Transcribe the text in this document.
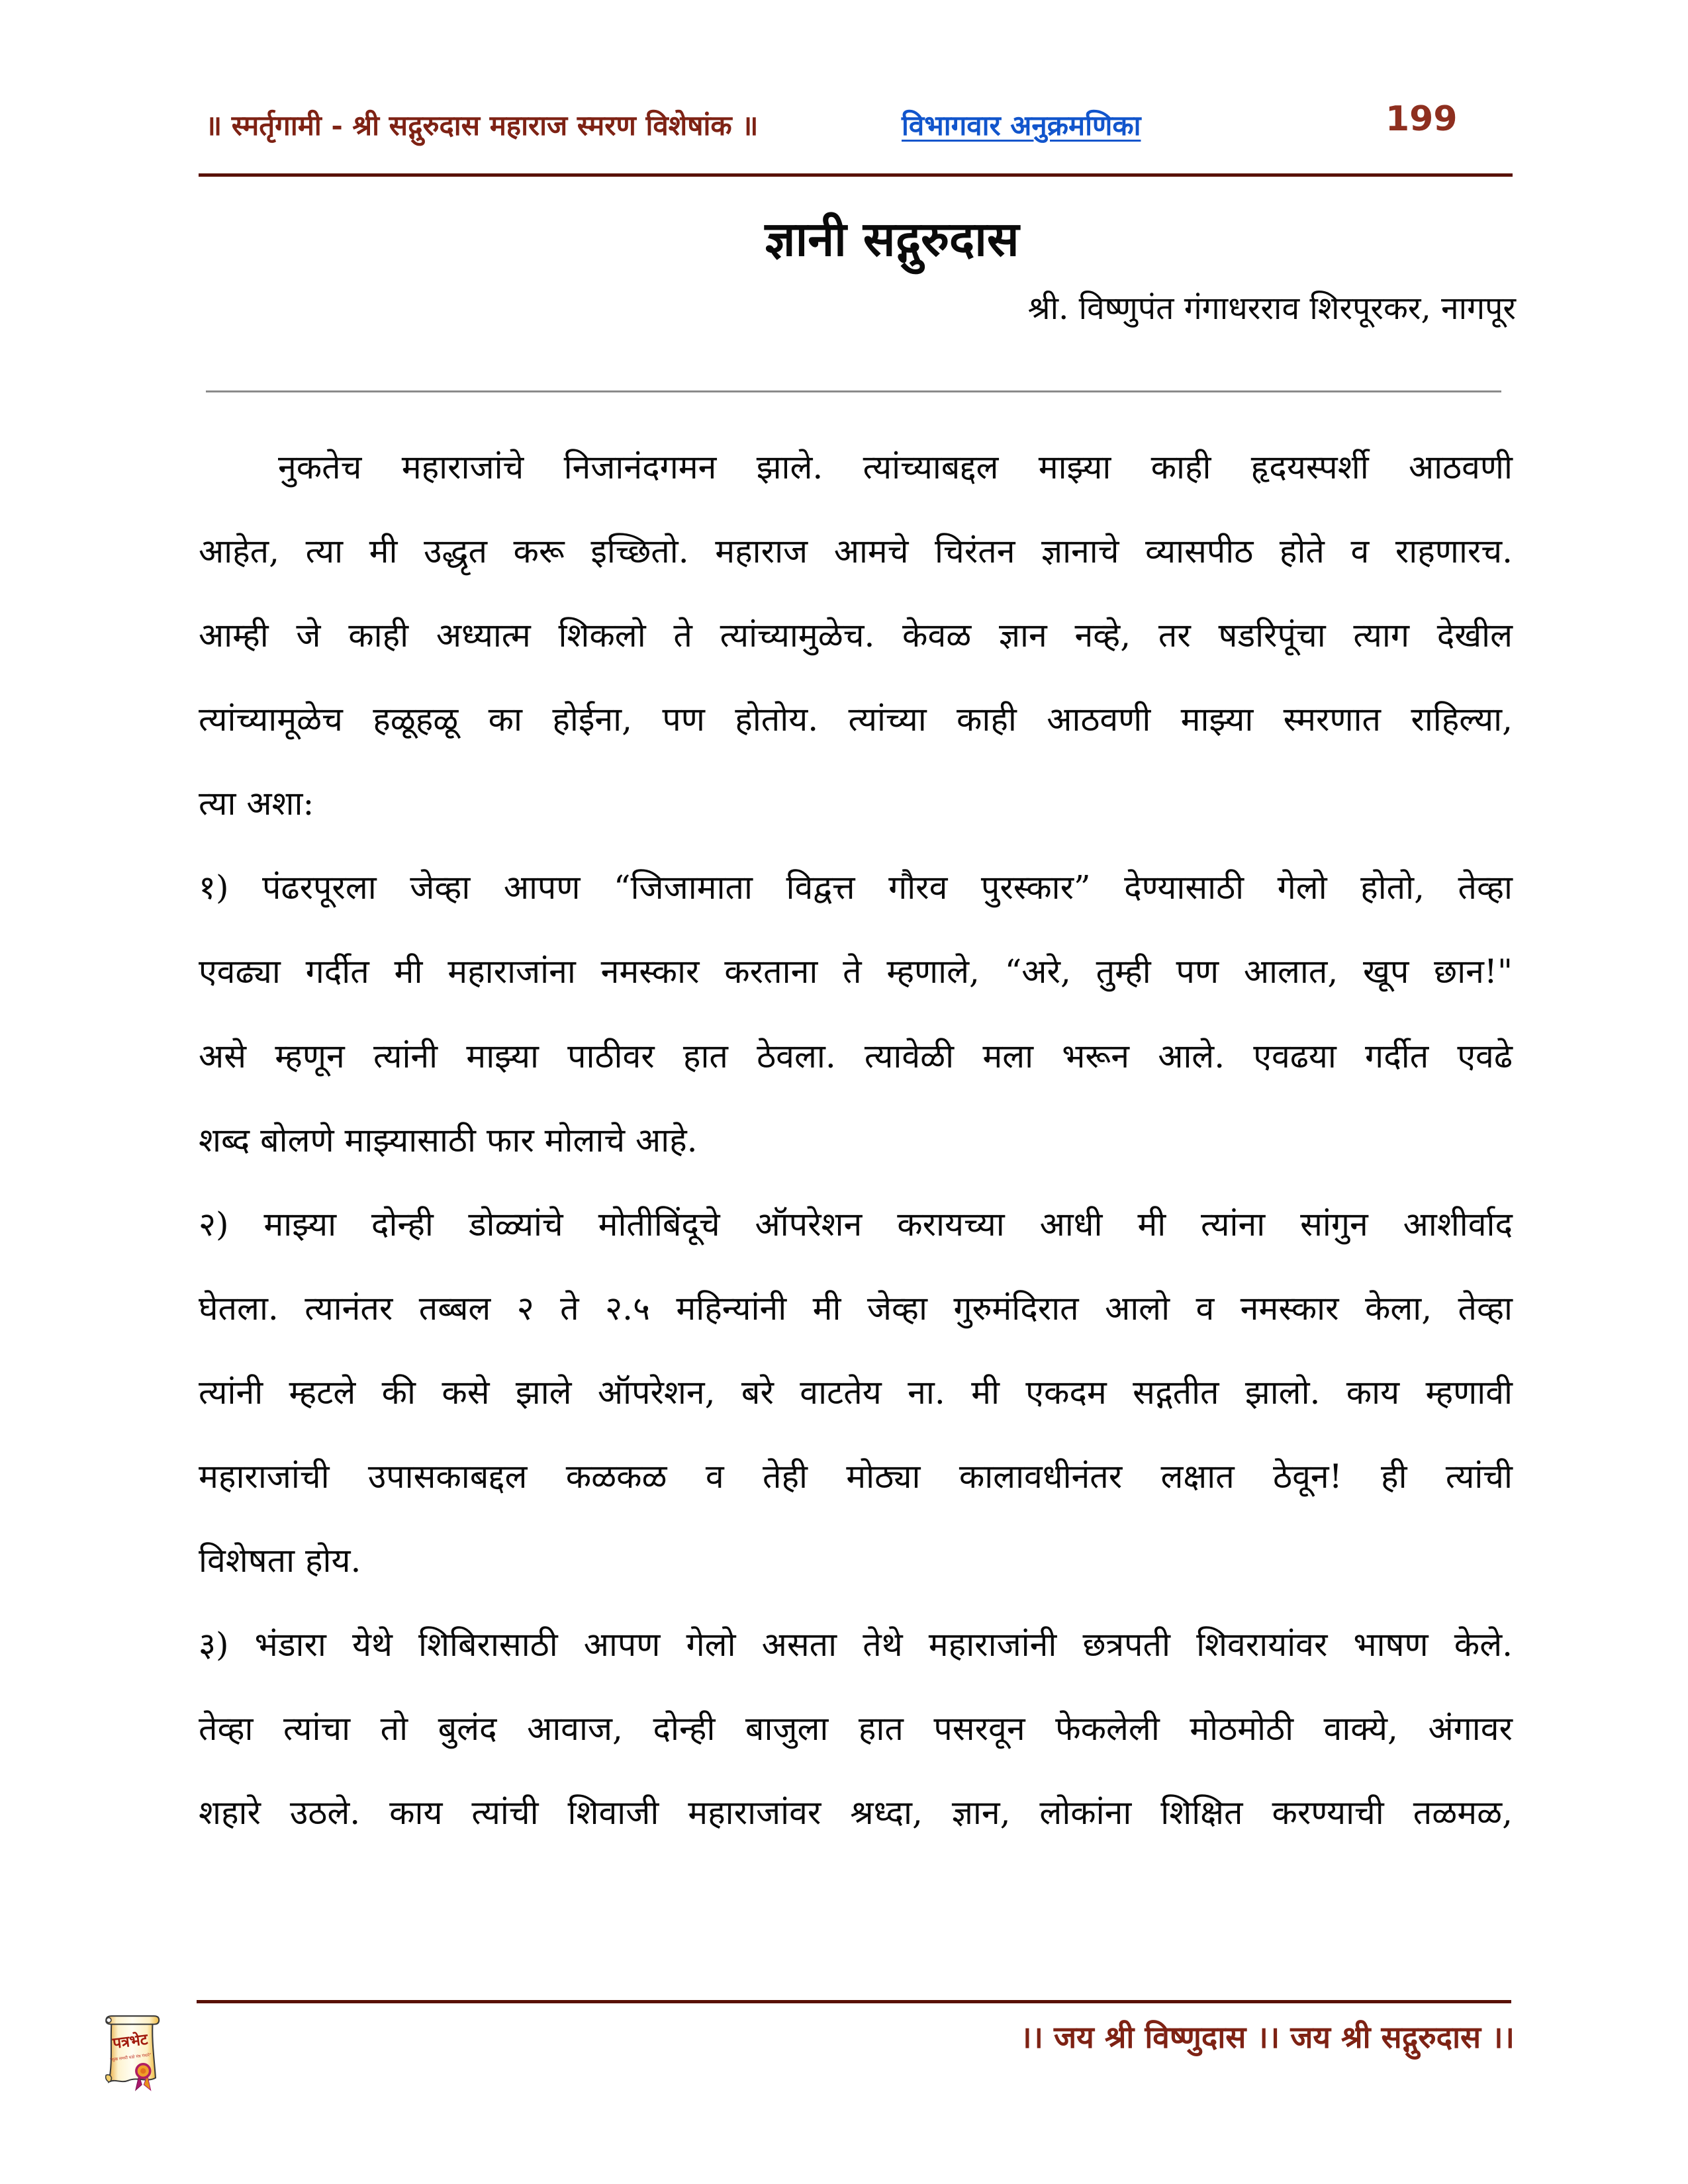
॥ स्मर्तृगामी - श्री सद्गुरुदास महाराज स्मरण विशेषांक ॥	विभागवार अनुक्रमणिका	199
ज्ञानी सद्गुरुदास
श्री. विष्णुपंत गंगाधरराव शिरपूरकर, नागपूर
नुकतेच महाराजांचे निजानंदगमन झाले. त्यांच्याबद्दल माझ्या काही हृदयस्पर्शी आठवणी
आहेत, त्या मी उद्धृत करू इच्छितो. महाराज आमचे चिरंतन ज्ञानाचे व्यासपीठ होते व राहणारच.
आम्ही जे काही अध्यात्म शिकलो ते त्यांच्यामुळेच. केवळ ज्ञान नव्हे, तर षडरिपूंचा त्याग देखील
त्यांच्यामूळेच हळूहळू का होईना, पण होतोय. त्यांच्या काही आठवणी माझ्या स्मरणात राहिल्या,
त्या अशा:
१) पंढरपूरला जेव्हा आपण “जिजामाता विद्वत्त गौरव पुरस्कार” देण्यासाठी गेलो होतो, तेव्हा
एवढ्या गर्दीत मी महाराजांना नमस्कार करताना ते म्हणाले, “अरे, तुम्ही पण आलात, खूप छान!"
असे म्हणून त्यांनी माझ्या पाठीवर हात ठेवला. त्यावेळी मला भरून आले. एवढया गर्दीत एवढे
शब्द बोलणे माझ्यासाठी फार मोलाचे आहे.
२) माझ्या दोन्ही डोळ्यांचे मोतीबिंदूचे ऑपरेशन करायच्या आधी मी त्यांना सांगुन आशीर्वाद
घेतला. त्यानंतर तब्बल २ ते २.५ महिन्यांनी मी जेव्हा गुरुमंदिरात आलो व नमस्कार केला, तेव्हा
त्यांनी म्हटले की कसे झाले ऑपरेशन, बरे वाटतेय ना. मी एकदम सद्गतीत झालो. काय म्हणावी
महाराजांची उपासकाबद्दल कळकळ व तेही मोठ्या कालावधीनंतर लक्षात ठेवून! ही त्यांची
विशेषता होय.
३) भंडारा येथे शिबिरासाठी आपण गेलो असता तेथे महाराजांनी छत्रपती शिवरायांवर भाषण केले.
तेव्हा त्यांचा तो बुलंद आवाज, दोन्ही बाजुला हात पसरवून फेकलेली मोठमोठी वाक्ये, अंगावर
शहारे उठले. काय त्यांची शिवाजी महाराजांवर श्रध्दा, ज्ञान, लोकांना शिक्षित करण्याची तळमळ,
।। जय श्री विष्णुदास ।। जय श्री सद्गुरुदास ।।
पत्रभेट
"सुख समयी घडो मंत्र गंधारे"
